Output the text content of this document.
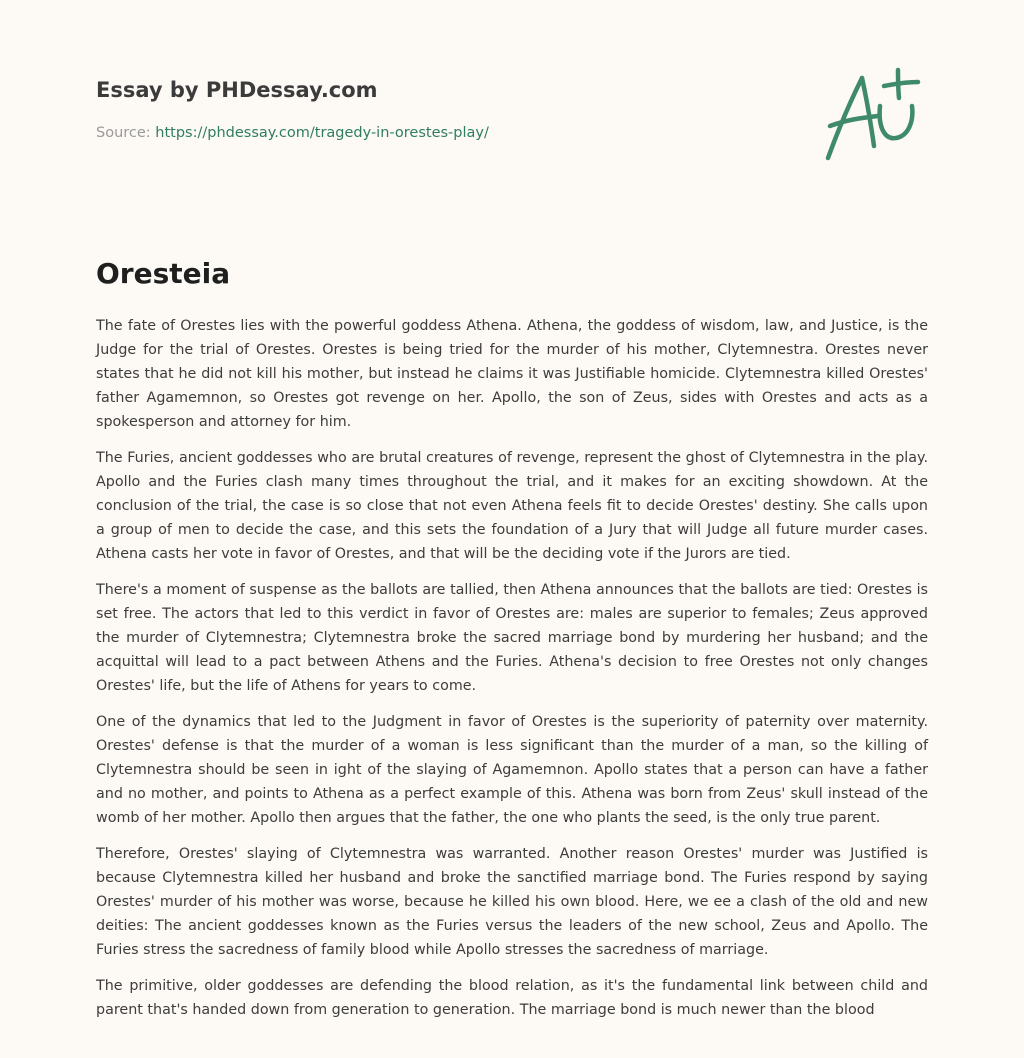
Essay by PHDessay.com
Source: https://phdessay.com/tragedy-in-orestes-play/
Oresteia

The fate of Orestes lies with the powerful goddess Athena. Athena, the goddess of wisdom, law, and Justice, is the Judge for the trial of Orestes. Orestes is being tried for the murder of his mother, Clytemnestra. Orestes never states that he did not kill his mother, but instead he claims it was Justifiable homicide. Clytemnestra killed Orestes' father Agamemnon, so Orestes got revenge on her. Apollo, the son of Zeus, sides with Orestes and acts as a spokesperson and attorney for him.

The Furies, ancient goddesses who are brutal creatures of revenge, represent the ghost of Clytemnestra in the play. Apollo and the Furies clash many times throughout the trial, and it makes for an exciting showdown. At the conclusion of the trial, the case is so close that not even Athena feels fit to decide Orestes' destiny. She calls upon a group of men to decide the case, and this sets the foundation of a Jury that will Judge all future murder cases. Athena casts her vote in favor of Orestes, and that will be the deciding vote if the Jurors are tied.

There's a moment of suspense as the ballots are tallied, then Athena announces that the ballots are tied: Orestes is set free. The actors that led to this verdict in favor of Orestes are: males are superior to females; Zeus approved the murder of Clytemnestra; Clytemnestra broke the sacred marriage bond by murdering her husband; and the acquittal will lead to a pact between Athens and the Furies. Athena's decision to free Orestes not only changes Orestes' life, but the life of Athens for years to come.

One of the dynamics that led to the Judgment in favor of Orestes is the superiority of paternity over maternity. Orestes' defense is that the murder of a woman is less significant than the murder of a man, so the killing of Clytemnestra should be seen in ight of the slaying of Agamemnon. Apollo states that a person can have a father and no mother, and points to Athena as a perfect example of this. Athena was born from Zeus' skull instead of the womb of her mother. Apollo then argues that the father, the one who plants the seed, is the only true parent.

Therefore, Orestes' slaying of Clytemnestra was warranted. Another reason Orestes' murder was Justified is because Clytemnestra killed her husband and broke the sanctified marriage bond. The Furies respond by saying Orestes' murder of his mother was worse, because he killed his own blood. Here, we ee a clash of the old and new deities: The ancient goddesses known as the Furies versus the leaders of the new school, Zeus and Apollo. The Furies stress the sacredness of family blood while Apollo stresses the sacredness of marriage.

The primitive, older goddesses are defending the blood relation, as it's the fundamental link between child and parent that's handed down from generation to generation. The marriage bond is much newer than the blood
